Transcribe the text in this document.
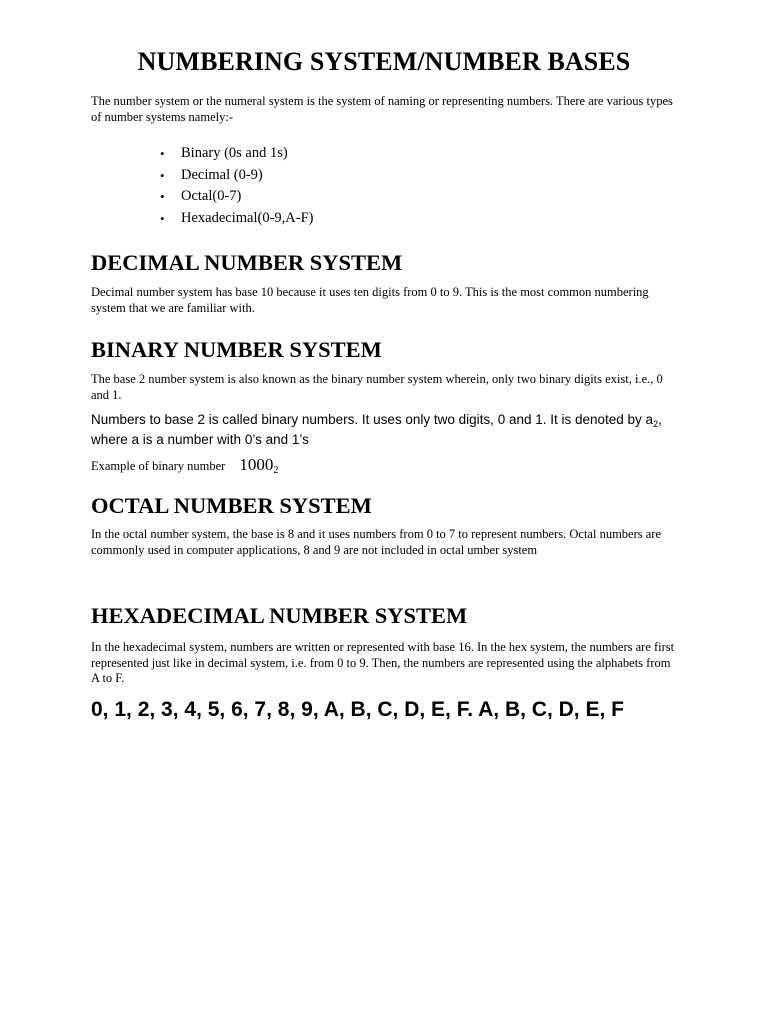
NUMBERING SYSTEM/NUMBER BASES

The number system or the numeral system is the system of naming or representing numbers. There are various types of number systems namely:-

• Binary (0s and 1s)
• Decimal (0-9)
• Octal(0-7)
• Hexadecimal(0-9,A-F)
DECIMAL NUMBER SYSTEM

Decimal number system has base 10 because it uses ten digits from 0 to 9. This is the most common numbering system that we are familiar with.

BINARY NUMBER SYSTEM

The base 2 number system is also known as the binary number system wherein, only two binary digits exist, i.e., 0 and 1.

Numbers to base 2 is called binary numbers. It uses only two digits, 0 and 1. It is denoted by $a_2$, where a is a number with 0’s and 1’s

Example of binary number $1000_2$

OCTAL NUMBER SYSTEM

In the octal number system, the base is 8 and it uses numbers from 0 to 7 to represent numbers. Octal numbers are commonly used in computer applications, 8 and 9 are not included in octal umber system

HEXADECIMAL NUMBER SYSTEM

In the hexadecimal system, numbers are written or represented with base 16. In the hex system, the numbers are first represented just like in decimal system, i.e. from 0 to 9. Then, the numbers are represented using the alphabets from A to F.

0, 1, 2, 3, 4, 5, 6, 7, 8, 9, A, B, C, D, E, F. A, B, C, D, E, F
